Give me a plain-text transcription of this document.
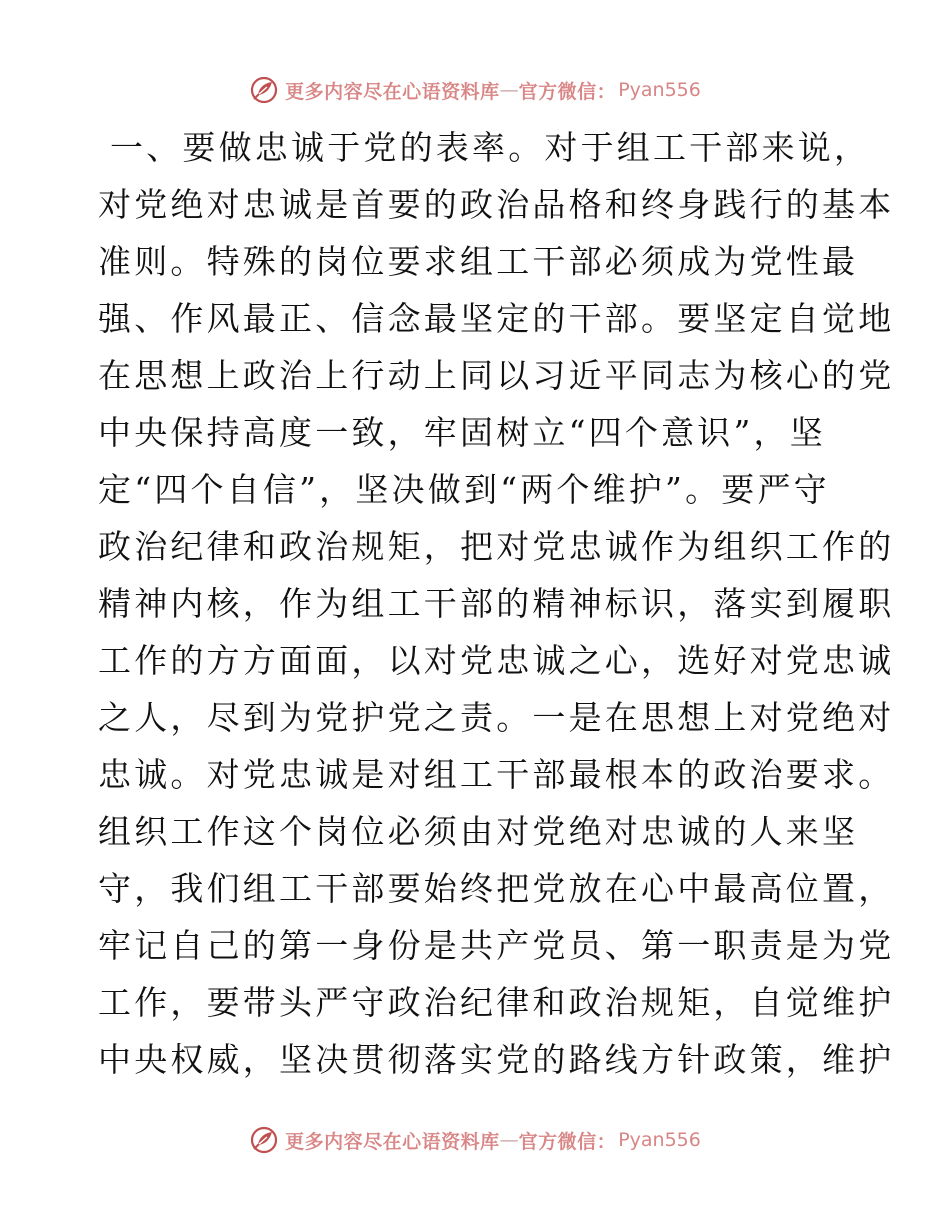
更多内容尽在心语资料库 — 官方微信： Pyan556
一、要做忠诚于党的表率。对于组工干部来说，
对党绝对忠诚是首要的政治品格和终身践行的基本
准则。特殊的岗位要求组工干部必须成为党性最
强、作风最正、信念最坚定的干部。要坚定自觉地
在思想上政治上行动上同以习近平同志为核心的党
中央保持高度一致，牢固树立“四个意识”，坚
定“四个自信”，坚决做到“两个维护”。要严守
政治纪律和政治规矩，把对党忠诚作为组织工作的
精神内核，作为组工干部的精神标识，落实到履职
工作的方方面面，以对党忠诚之心，选好对党忠诚
之人，尽到为党护党之责。一是在思想上对党绝对
忠诚。对党忠诚是对组工干部最根本的政治要求。
组织工作这个岗位必须由对党绝对忠诚的人来坚
守，我们组工干部要始终把党放在心中最高位置，
牢记自己的第一身份是共产党员、第一职责是为党
工作，要带头严守政治纪律和政治规矩，自觉维护
中央权威，坚决贯彻落实党的路线方针政策，维护
更多内容尽在心语资料库 — 官方微信： Pyan556
